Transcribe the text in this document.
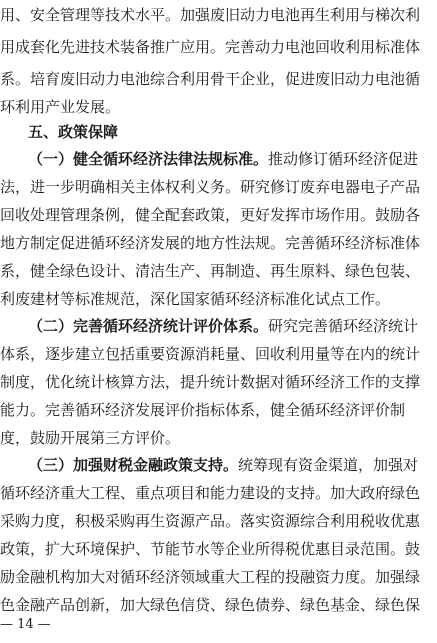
用、安全管理等技术水平。加强废旧动力电池再生利用与梯次利

用成套化先进技术装备推广应用。完善动力电池回收利用标准体

系。培育废旧动力电池综合利用骨干企业，促进废旧动力电池循

环利用产业发展。

五、政策保障

（一）健全循环经济法律法规标准。推动修订循环经济促进

法，进一步明确相关主体权利义务。研究修订废弃电器电子产品

回收处理管理条例，健全配套政策，更好发挥市场作用。鼓励各

地方制定促进循环经济发展的地方性法规。完善循环经济标准体

系，健全绿色设计、清洁生产、再制造、再生原料、绿色包装、

利废建材等标准规范，深化国家循环经济标准化试点工作。

（二）完善循环经济统计评价体系。研究完善循环经济统计

体系，逐步建立包括重要资源消耗量、回收利用量等在内的统计

制度，优化统计核算方法，提升统计数据对循环经济工作的支撑

能力。完善循环经济发展评价指标体系，健全循环经济评价制

度，鼓励开展第三方评价。

（三）加强财税金融政策支持。统筹现有资金渠道，加强对

循环经济重大工程、重点项目和能力建设的支持。加大政府绿色

采购力度，积极采购再生资源产品。落实资源综合利用税收优惠

政策，扩大环境保护、节能节水等企业所得税优惠目录范围。鼓

励金融机构加大对循环经济领域重大工程的投融资力度。加强绿

色金融产品创新，加大绿色信贷、绿色债券、绿色基金、绿色保

— 14 —
